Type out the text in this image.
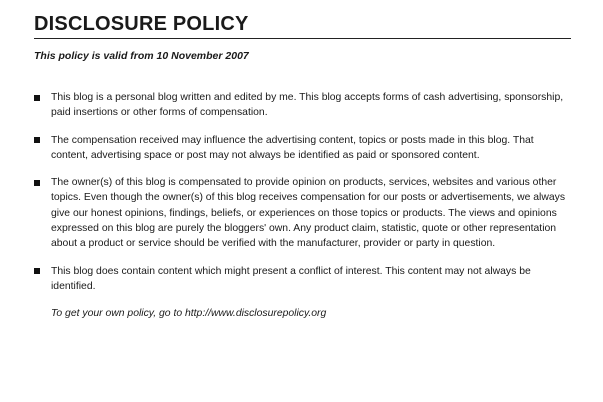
DISCLOSURE POLICY
This policy is valid from 10 November 2007
This blog is a personal blog written and edited by me. This blog accepts forms of cash advertising, sponsorship, paid insertions or other forms of compensation.
The compensation received may influence the advertising content, topics or posts made in this blog. That content, advertising space or post may not always be identified as paid or sponsored content.
The owner(s) of this blog is compensated to provide opinion on products, services, websites and various other topics. Even though the owner(s) of this blog receives compensation for our posts or advertisements, we always give our honest opinions, findings, beliefs, or experiences on those topics or products. The views and opinions expressed on this blog are purely the bloggers' own. Any product claim, statistic, quote or other representation about a product or service should be verified with the manufacturer, provider or party in question.
This blog does contain content which might present a conflict of interest. This content may not always be identified.
To get your own policy, go to http://www.disclosurepolicy.org
